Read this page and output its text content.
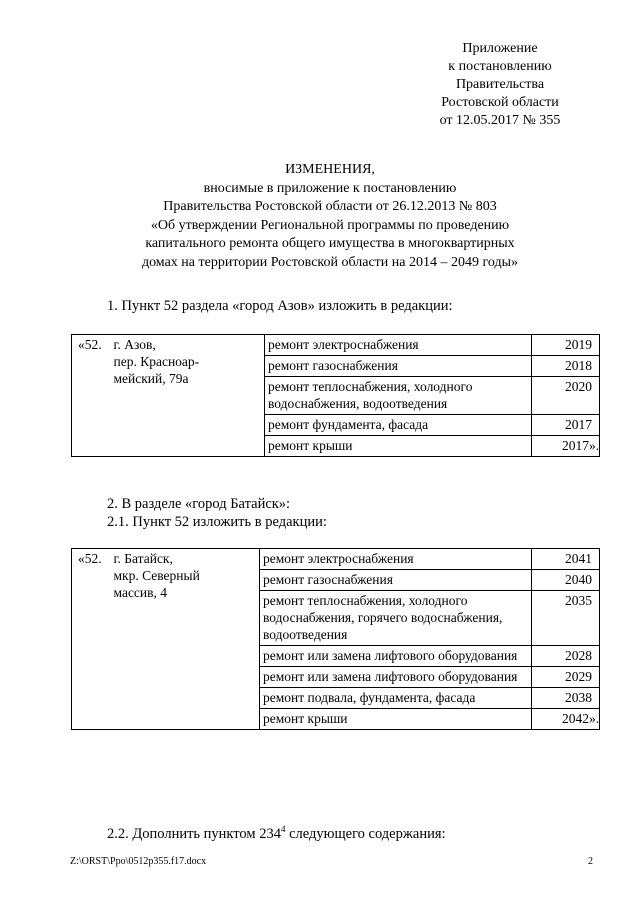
Приложение
к постановлению
Правительства
Ростовской области
от 12.05.2017 № 355
ИЗМЕНЕНИЯ,
вносимые в приложение к постановлению
Правительства Ростовской области от 26.12.2013 № 803
«Об утверждении Региональной программы по проведению
капитального ремонта общего имущества в многоквартирных
домах на территории Ростовской области на 2014 – 2049 годы»
1. Пункт 52 раздела «город Азов» изложить в редакции:
«52.	г. Азов,
пер. Красноар-
мейский, 79а	ремонт электроснабжения	2019
		ремонт газоснабжения	2018
		ремонт теплоснабжения, холодного водоснабжения, водоотведения	2020
		ремонт фундамента, фасада	2017
		ремонт крыши	2017».
2. В разделе «город Батайск»:
2.1. Пункт 52 изложить в редакции:
«52.	г. Батайск,
мкр. Северный
массив, 4	ремонт электроснабжения	2041
		ремонт газоснабжения	2040
		ремонт теплоснабжения, холодного водоснабжения, горячего водоснабжения, водоотведения	2035
		ремонт или замена лифтового оборудования	2028
		ремонт или замена лифтового оборудования	2029
		ремонт подвала, фундамента, фасада	2038
		ремонт крыши	2042».
2.2. Дополнить пунктом $234^4$ следующего содержания:
Z:\ORST\Ppo\0512p355.f17.docx	2
